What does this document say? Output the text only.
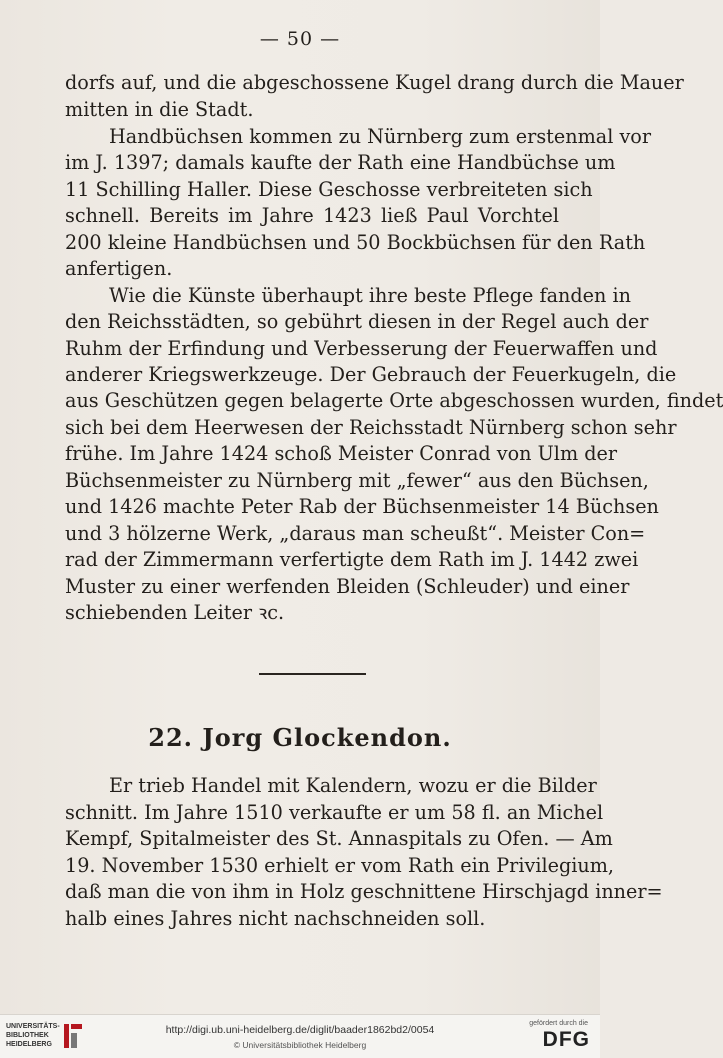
— 50 —
dorfs auf, und die abgeschossene Kugel drang durch die Mauer
mitten in die Stadt.
Handbüchsen kommen zu Nürnberg zum erstenmal vor
im J. 1397; damals kaufte der Rath eine Handbüchse um
11 Schilling Haller. Diese Geschosse verbreiteten sich
schnell. Bereits im Jahre 1423 ließ Paul Vorchtel
200 kleine Handbüchsen und 50 Bockbüchsen für den Rath
anfertigen.
Wie die Künste überhaupt ihre beste Pflege fanden in
den Reichsstädten, so gebührt diesen in der Regel auch der
Ruhm der Erfindung und Verbesserung der Feuerwaffen und
anderer Kriegswerkzeuge. Der Gebrauch der Feuerkugeln, die
aus Geschützen gegen belagerte Orte abgeschossen wurden, findet
sich bei dem Heerwesen der Reichsstadt Nürnberg schon sehr
frühe. Im Jahre 1424 schoß Meister Conrad von Ulm der
Büchsenmeister zu Nürnberg mit „fewer“ aus den Büchsen,
und 1426 machte Peter Rab der Büchsenmeister 14 Büchsen
und 3 hölzerne Werk, „daraus man scheußt“. Meister Con=
rad der Zimmermann verfertigte dem Rath im J. 1442 zwei
Muster zu einer werfenden Bleiden (Schleuder) und einer
schiebenden Leiter ꝛc.
22. Jorg Glockendon.
Er trieb Handel mit Kalendern, wozu er die Bilder
schnitt. Im Jahre 1510 verkaufte er um 58 fl. an Michel
Kempf, Spitalmeister des St. Annaspitals zu Ofen. — Am
19. November 1530 erhielt er vom Rath ein Privilegium,
daß man die von ihm in Holz geschnittene Hirschjagd inner=
halb eines Jahres nicht nachschneiden soll.
UNIVERSITÄTS-
BIBLIOTHEK
HEIDELBERG
http://digi.ub.uni-heidelberg.de/diglit/baader1862bd2/0054
© Universitätsbibliothek Heidelberg
gefördert durch die
DFG
